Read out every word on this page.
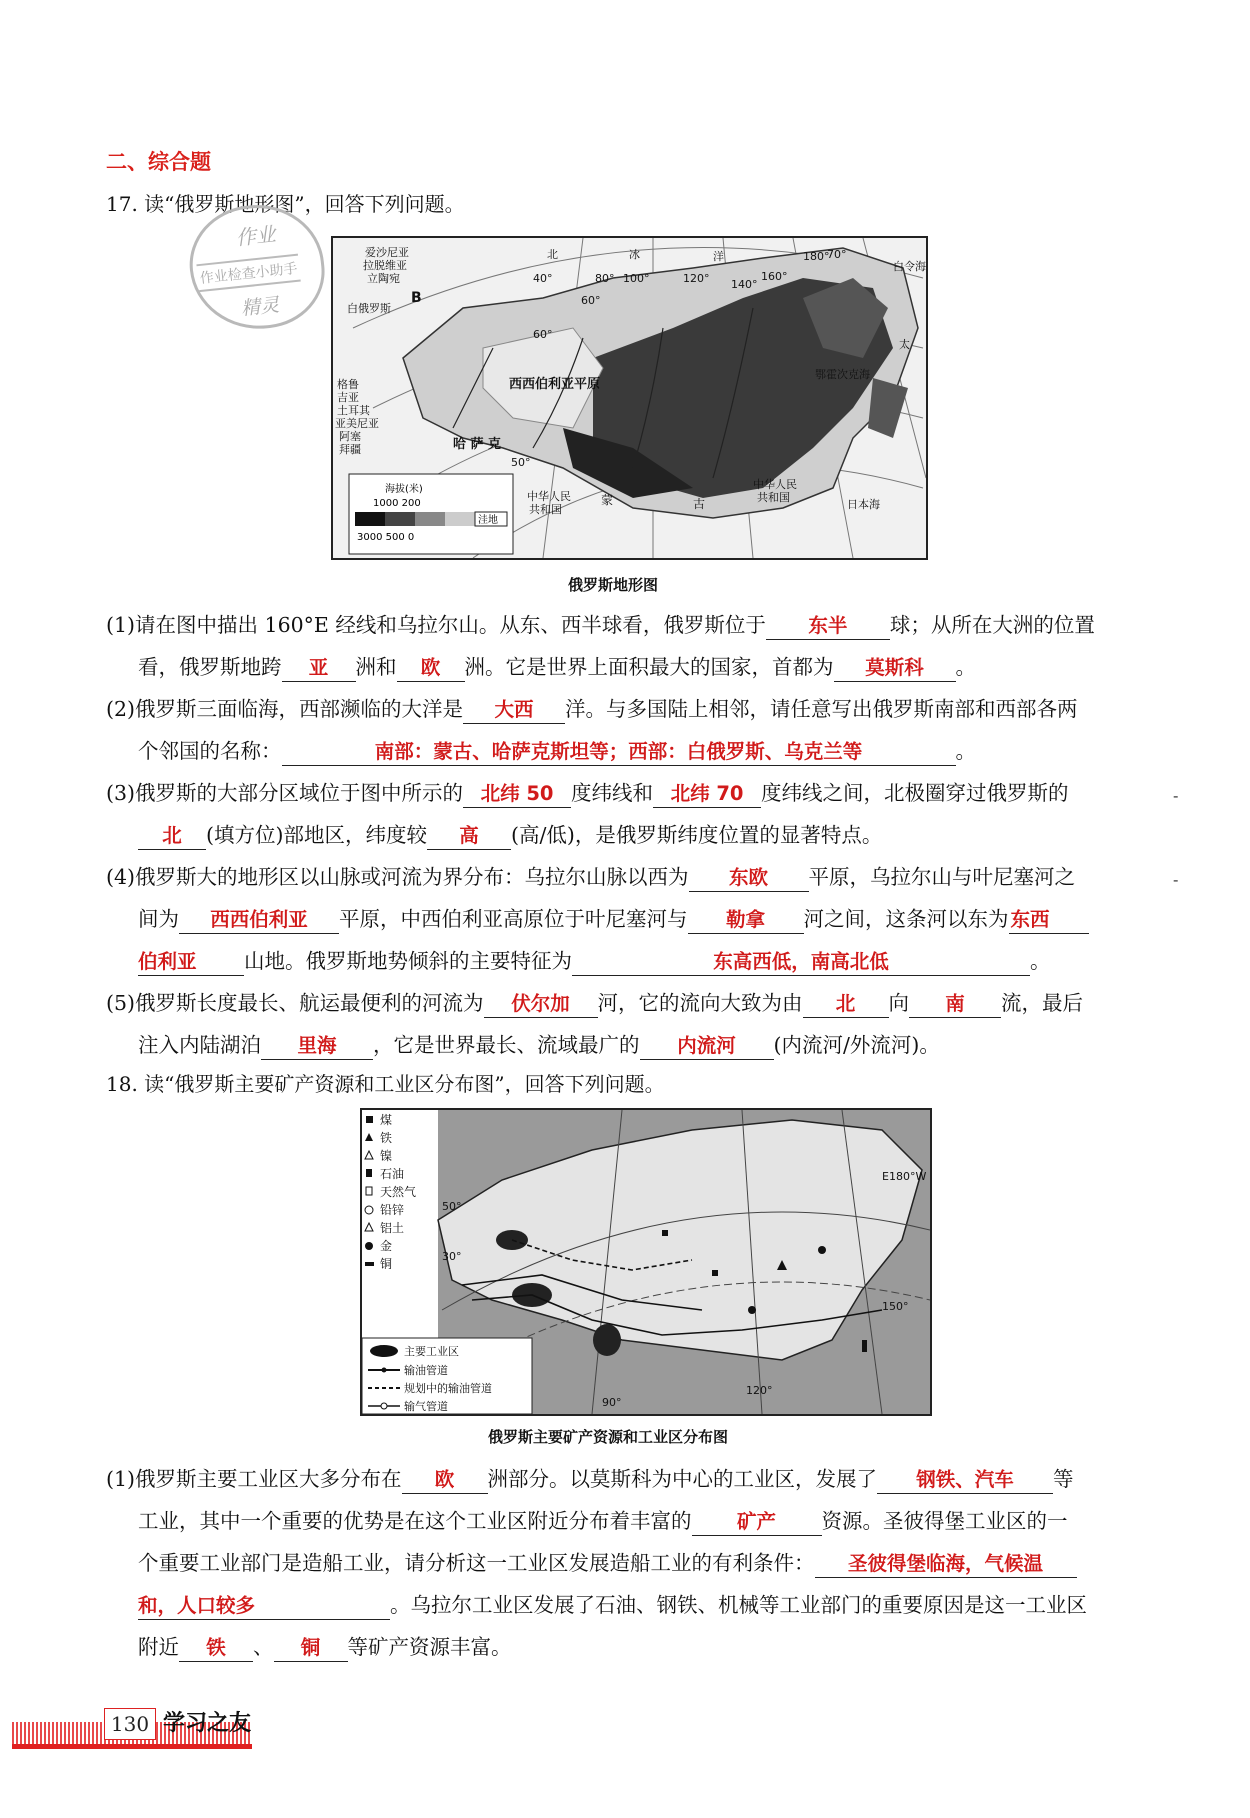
二、综合题
17. 读“俄罗斯地形图”，回答下列问题。
作业
作业检查小助手
精灵
爱沙尼亚拉脱维亚立陶宛
白俄罗斯
B
格鲁吉亚土耳其亚美尼亚阿塞拜疆
北	冰	洋
40°	80° 100°	120° 140°
160°
180°
60°
70°
60°
50°
西西伯利亚平原
哈 萨 克
蒙	古
中华人民共和国
中华人民共和国
日本海
鄂霍次克海
白令海
太
海拔(米)
1000 200
洼地
3000 500 0
俄罗斯地形图
(1)请在图中描出 160°E 经线和乌拉尔山。从东、西半球看，俄罗斯位于 东半 球；从所在大洲的位置
看，俄罗斯地跨 亚 洲和 欧 洲。它是世界上面积最大的国家，首都为 莫斯科 。
(2)俄罗斯三面临海，西部濒临的大洋是 大西 洋。与多国陆上相邻，请任意写出俄罗斯南部和西部各两
个邻国的名称：	南部：蒙古、哈萨克斯坦等；西部：白俄罗斯、乌克兰等	。
(3)俄罗斯的大部分区域位于图中所示的 北纬 50 度纬线和 北纬 70 度纬线之间，北极圈穿过俄罗斯的
北 (填方位)部地区，纬度较 高 (高/低)，是俄罗斯纬度位置的显著特点。
(4)俄罗斯大的地形区以山脉或河流为界分布：乌拉尔山脉以西为 东欧 平原，乌拉尔山与叶尼塞河之
间为 西西伯利亚 平原，中西伯利亚高原位于叶尼塞河与 勒拿 河之间，这条河以东为 东西
伯利亚 山地。俄罗斯地势倾斜的主要特征为	东高西低，南高北低	。
(5)俄罗斯长度最长、航运最便利的河流为 伏尔加 河，它的流向大致为由 北 向 南 流，最后
注入内陆湖泊 里海 ，它是世界最长、流域最广的 内流河 (内流河/外流河)。
18. 读“俄罗斯主要矿产资源和工业区分布图”，回答下列问题。
煤
铁
镍
石油
天然气
铅锌
铝土
金
铜
主要工业区
输油管道
规划中的输油管道
输气管道	90°
120°
150°
E180°W
50°
30°
俄罗斯主要矿产资源和工业区分布图
(1)俄罗斯主要工业区大多分布在 欧 洲部分。以莫斯科为中心的工业区，发展了 钢铁、汽车 等
工业，其中一个重要的优势是在这个工业区附近分布着丰富的 矿产 资源。圣彼得堡工业区的一
个重要工业部门是造船工业，请分析这一工业区发展造船工业的有利条件： 圣彼得堡临海，气候温
和，人口较多	。乌拉尔工业区发展了石油、钢铁、机械等工业部门的重要原因是这一工业区
附近 铁 、 铜 等矿产资源丰富。
-
-
130 学习之友
